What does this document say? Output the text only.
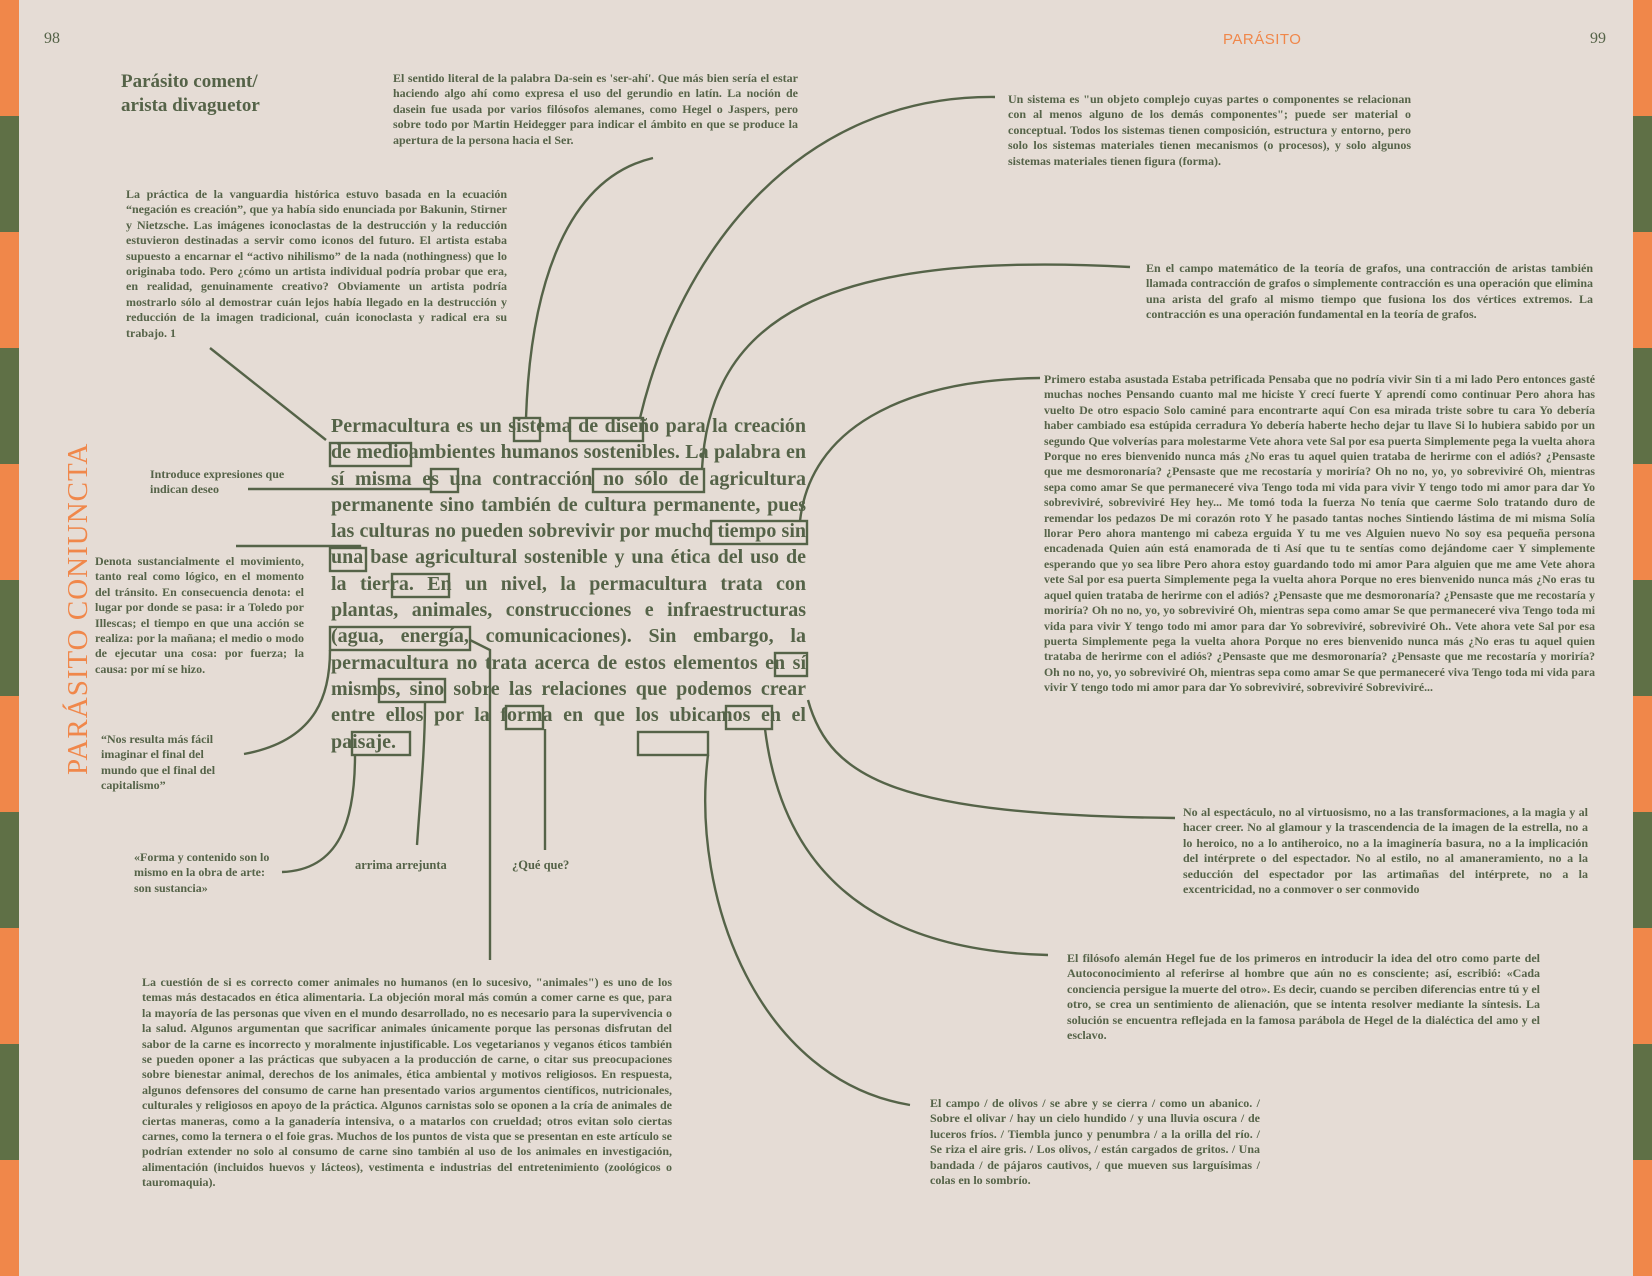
98	99
PARÁSITO
PARÁSITO CONIUNCTA
Parásito coment/
arista divaguetor
El sentido literal de la palabra Da-sein es 'ser-ahí'. Que más bien sería el estar haciendo algo ahí como expresa el uso del gerundio en latín. La noción de dasein fue usada por varios filósofos alemanes, como Hegel o Jaspers, pero sobre todo por Martin Heidegger para indicar el ámbito en que se produce la apertura de la persona hacia el Ser.
Un sistema es "un objeto complejo cuyas partes o componentes se relacionan con al menos alguno de los demás componentes"; puede ser material o conceptual. Todos los sistemas tienen composición, estructura y entorno, pero solo los sistemas materiales tienen mecanismos (o procesos), y solo algunos sistemas materiales tienen figura (forma).
La práctica de la vanguardia histórica estuvo basada en la ecuación “negación es creación”, que ya había sido enunciada por Bakunin, Stirner y Nietzsche. Las imágenes iconoclastas de la destrucción y la reducción estuvieron destinadas a servir como iconos del futuro. El artista estaba supuesto a encarnar el “activo nihilismo” de la nada (nothingness) que lo originaba todo. Pero ¿cómo un artista individual podría probar que era, en realidad, genuinamente creativo? Obviamente un artista podría mostrarlo sólo al demostrar cuán lejos había llegado en la destrucción y reducción de la imagen tradicional, cuán iconoclasta y radical era su trabajo. 1
En el campo matemático de la teoría de grafos, una contracción de aristas también llamada contracción de grafos o simplemente contracción es una operación que elimina una arista del grafo al mismo tiempo que fusiona los dos vértices extremos. La contracción es una operación fundamental en la teoría de grafos.
Primero estaba asustada Estaba petrificada Pensaba que no podría vivir Sin ti a mi lado Pero entonces gasté muchas noches Pensando cuanto mal me hiciste Y crecí fuerte Y aprendí como continuar Pero ahora has vuelto De otro espacio Solo caminé para encontrarte aquí Con esa mirada triste sobre tu cara Yo debería haber cambiado esa estúpida cerradura Yo debería haberte hecho dejar tu llave Si lo hubiera sabido por un segundo Que volverías para molestarme Vete ahora vete Sal por esa puerta Simplemente pega la vuelta ahora Porque no eres bienvenido nunca más ¿No eras tu aquel quien trataba de herirme con el adiós? ¿Pensaste que me desmoronaría? ¿Pensaste que me recostaría y moriría? Oh no no, yo, yo sobreviviré Oh, mientras sepa como amar Se que permaneceré viva Tengo toda mi vida para vivir Y tengo todo mi amor para dar Yo sobreviviré, sobreviviré Hey hey... Me tomó toda la fuerza No tenía que caerme Solo tratando duro de remendar los pedazos De mi corazón roto Y he pasado tantas noches Sintiendo lástima de mi misma Solía llorar Pero ahora mantengo mi cabeza erguida Y tu me ves Alguien nuevo No soy esa pequeña persona encadenada Quien aún está enamorada de ti Así que tu te sentías como dejándome caer Y simplemente esperando que yo sea libre Pero ahora estoy guardando todo mi amor Para alguien que me ame Vete ahora vete Sal por esa puerta Simplemente pega la vuelta ahora Porque no eres bienvenido nunca más ¿No eras tu aquel quien trataba de herirme con el adiós? ¿Pensaste que me desmoronaría? ¿Pensaste que me recostaría y moriría? Oh no no, yo, yo sobreviviré Oh, mientras sepa como amar Se que permaneceré viva Tengo toda mi vida para vivir Y tengo todo mi amor para dar Yo sobreviviré, sobreviviré Oh.. Vete ahora vete Sal por esa puerta Simplemente pega la vuelta ahora Porque no eres bienvenido nunca más ¿No eras tu aquel quien trataba de herirme con el adiós? ¿Pensaste que me desmoronaría? ¿Pensaste que me recostaría y moriría? Oh no no, yo, yo sobreviviré Oh, mientras sepa como amar Se que permaneceré viva Tengo toda mi vida para vivir Y tengo todo mi amor para dar Yo sobreviviré, sobreviviré Sobreviviré...
Introduce expresiones que indican deseo
Denota sustancialmente el movimiento, tanto real como lógico, en el momento del tránsito. En consecuencia denota: el lugar por donde se pasa: ir a Toledo por Illescas; el tiempo en que una acción se realiza: por la mañana; el medio o modo de ejecutar una cosa: por fuerza; la causa: por mí se hizo.
“Nos resulta más fácil imaginar el final del mundo que el final del capitalismo”
«Forma y contenido son lo mismo en la obra de arte: son sustancia»
arrima arrejunta	¿Qué que?
Permacultura es un sistema de diseño para la creación de medioambientes humanos sostenibles. La palabra en sí misma es una contracción no sólo de agricultura permanente sino también de cultura permanente, pues las culturas no pueden sobrevivir por mucho tiempo sin una base agricultural sostenible y una ética del uso de la tierra. En un nivel, la permacultura trata con plantas, animales, construcciones e infraestructuras (agua, energía, comunicaciones). Sin embargo, la permacultura no trata acerca de estos elementos en sí mismos, sino sobre las relaciones que podemos crear entre ellos por la forma en que los ubicamos en el paisaje.
No al espectáculo, no al virtuosismo, no a las transformaciones, a la magia y al hacer creer. No al glamour y la trascendencia de la imagen de la estrella, no a lo heroico, no a lo antiheroico, no a la imaginería basura, no a la implicación del intérprete o del espectador. No al estilo, no al amaneramiento, no a la seducción del espectador por las artimañas del intérprete, no a la excentricidad, no a conmover o ser conmovido
El filósofo alemán Hegel fue de los primeros en introducir la idea del otro como parte del Autoconocimiento al referirse al hombre que aún no es consciente; así, escribió: «Cada conciencia persigue la muerte del otro». Es decir, cuando se perciben diferencias entre tú y el otro, se crea un sentimiento de alienación, que se intenta resolver mediante la síntesis. La solución se encuentra reflejada en la famosa parábola de Hegel de la dialéctica del amo y el esclavo.
La cuestión de si es correcto comer animales no humanos (en lo sucesivo, "animales") es uno de los temas más destacados en ética alimentaria. La objeción moral más común a comer carne es que, para la mayoría de las personas que viven en el mundo desarrollado, no es necesario para la supervivencia o la salud. Algunos argumentan que sacrificar animales únicamente porque las personas disfrutan del sabor de la carne es incorrecto y moralmente injustificable. Los vegetarianos y veganos éticos también se pueden oponer a las prácticas que subyacen a la producción de carne, o citar sus preocupaciones sobre bienestar animal, derechos de los animales, ética ambiental y motivos religiosos. En respuesta, algunos defensores del consumo de carne han presentado varios argumentos científicos, nutricionales, culturales y religiosos en apoyo de la práctica. Algunos carnistas solo se oponen a la cría de animales de ciertas maneras, como a la ganadería intensiva, o a matarlos con crueldad; otros evitan solo ciertas carnes, como la ternera o el foie gras. Muchos de los puntos de vista que se presentan en este artículo se podrían extender no solo al consumo de carne sino también al uso de los animales en investigación, alimentación (incluidos huevos y lácteos), vestimenta e industrias del entretenimiento (zoológicos o tauromaquia).
El campo / de olivos / se abre y se cierra / como un abanico. / Sobre el olivar / hay un cielo hundido / y una lluvia oscura / de luceros fríos. / Tiembla junco y penumbra / a la orilla del río. / Se riza el aire gris. / Los olivos, / están cargados de gritos. / Una bandada / de pájaros cautivos, / que mueven sus larguísimas / colas en lo sombrío.
